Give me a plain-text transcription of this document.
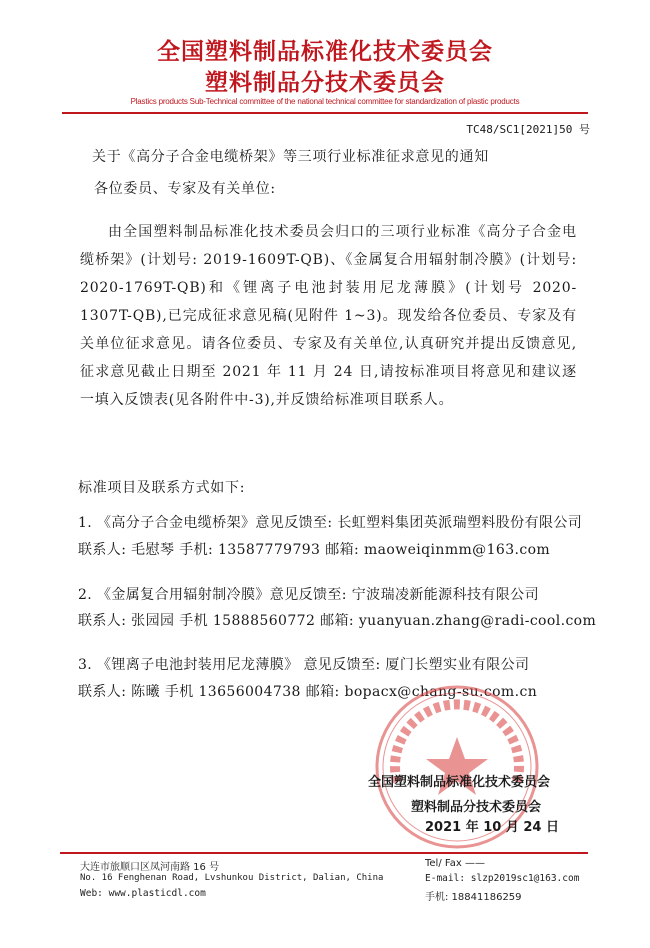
全国塑料制品标准化技术委员会
塑料制品分技术委员会
Plastics products Sub-Technical committee of the national technical committee for standardization of plastic products
TC48/SC1[2021]50 号
关于《高分子合金电缆桥架》等三项行业标准征求意见的通知
各位委员、专家及有关单位:
由全国塑料制品标准化技术委员会归口的三项行业标准《高分子合金电缆桥架》(计划号: 2019-1609T-QB)、《金属复合用辐射制冷膜》(计划号: 2020-1769T-QB)和《锂离子电池封装用尼龙薄膜》(计划号 2020-1307T-QB),已完成征求意见稿(见附件 1~3)。现发给各位委员、专家及有关单位征求意见。请各位委员、专家及有关单位,认真研究并提出反馈意见,征求意见截止日期至 2021 年 11 月 24 日,请按标准项目将意见和建议逐一填入反馈表(见各附件中-3),并反馈给标准项目联系人。
标准项目及联系方式如下:
1. 《高分子合金电缆桥架》意见反馈至: 长虹塑料集团英派瑞塑料股份有限公司
联系人: 毛慰琴 手机: 13587779793 邮箱: maoweiqinmm@163.com
2. 《金属复合用辐射制冷膜》意见反馈至: 宁波瑞凌新能源科技有限公司
联系人: 张园园 手机 15888560772 邮箱: yuanyuan.zhang@radi-cool.com
3. 《锂离子电池封装用尼龙薄膜》 意见反馈至: 厦门长塑实业有限公司
联系人: 陈曦 手机 13656004738 邮箱: bopacx@chang-su.com.cn
全国塑料制品标准化技术委员会
塑料制品分技术委员会
2021 年 10 月 24 日
大连市旅顺口区凤河南路 16 号
No. 16 Fenghenan Road, Lvshunkou District, Dalian, China
Web: www.plasticdl.com
Tel/ Fax ——
E-mail: slzp2019sc1@163.com
手机: 18841186259
